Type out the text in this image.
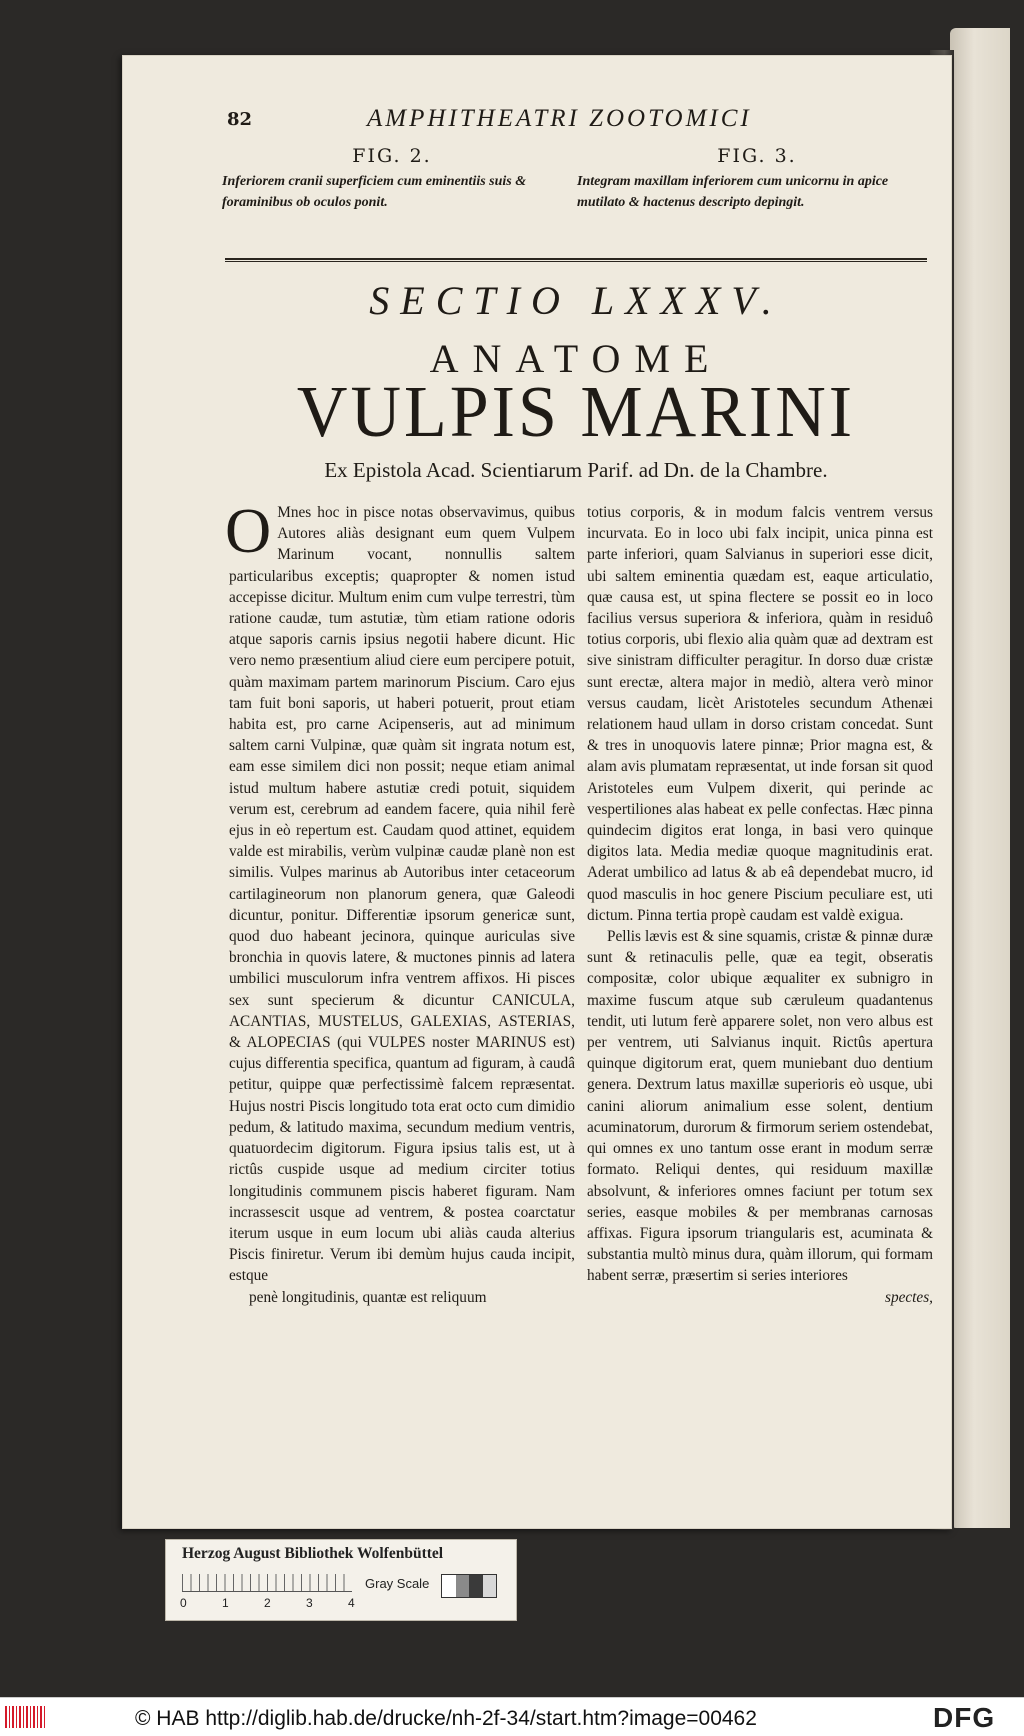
82	AMPHITHEATRI ZOOTOMICI
FIG. 2.
Inferiorem cranii superficiem cum eminentiis suis & foraminibus ob oculos ponit.
FIG. 3.
Integram maxillam inferiorem cum unicornu in apice mutilato & hactenus descripto depingit.
SECTIO LXXXV.
ANATOME
VULPIS MARINI
Ex Epistola Acad. Scientiarum Parif. ad Dn. de la Chambre.

O Mnes hoc in pisce notas observavimus, quibus Autores aliàs designant eum quem Vulpem Marinum vocant, nonnullis saltem particularibus exceptis; quapropter & nomen istud accepisse dicitur. Multum enim cum vulpe terrestri, tùm ratione caudæ, tum astutiæ, tùm etiam ratione odoris atque saporis carnis ipsius negotii habere dicunt. Hic vero nemo præsentium aliud ciere eum percipere potuit, quàm maximam partem marinorum Piscium. Caro ejus tam fuit boni saporis, ut haberi potuerit, prout etiam habita est, pro carne Acipenseris, aut ad minimum saltem carni Vulpinæ, quæ quàm sit ingrata notum est, eam esse similem dici non possit; neque etiam animal istud multum habere astutiæ credi potuit, siquidem verum est, cerebrum ad eandem facere, quia nihil ferè ejus in eò repertum est. Caudam quod attinet, equidem valde est mirabilis, verùm vulpinæ caudæ planè non est similis. Vulpes marinus ab Autoribus inter cetaceorum cartilagineorum non planorum genera, quæ Galeodi dicuntur, ponitur. Differentiæ ipsorum genericæ sunt, quod duo habeant jecinora, quinque auriculas sive bronchia in quovis latere, & muctones pinnis ad latera umbilici musculorum infra ventrem affixos. Hi pisces sex sunt specierum & dicuntur CANICULA, ACANTIAS, MUSTELUS, GALEXIAS, ASTERIAS, & ALOPECIAS (qui VULPES noster MARINUS est) cujus differentia specifica, quantum ad figuram, à caudâ petitur, quippe quæ perfectissimè falcem repræsentat. Hujus nostri Piscis longitudo tota erat octo cum dimidio pedum, & latitudo maxima, secundum medium ventris, quatuordecim digitorum. Figura ipsius talis est, ut à rictûs cuspide usque ad medium circiter totius longitudinis communem piscis haberet figuram. Nam incrassescit usque ad ventrem, & postea coarctatur iterum usque in eum locum ubi aliàs cauda alterius Piscis finiretur. Verum ibi demùm hujus cauda incipit, estque

penè longitudinis, quantæ est reliquum

totius corporis, & in modum falcis ventrem versus incurvata. Eo in loco ubi falx incipit, unica pinna est parte inferiori, quam Salvianus in superiori esse dicit, ubi saltem eminentia quædam est, eaque articulatio, quæ causa est, ut spina flectere se possit eo in loco facilius versus superiora & inferiora, quàm in residuô totius corporis, ubi flexio alia quàm quæ ad dextram est sive sinistram difficulter peragitur. In dorso duæ cristæ sunt erectæ, altera major in mediò, altera verò minor versus caudam, licèt Aristoteles secundum Athenæi relationem haud ullam in dorso cristam concedat. Sunt & tres in unoquovis latere pinnæ; Prior magna est, & alam avis plumatam repræsentat, ut inde forsan sit quod Aristoteles eum Vulpem dixerit, qui perinde ac vespertiliones alas habeat ex pelle confectas. Hæc pinna quindecim digitos erat longa, in basi vero quinque digitos lata. Media mediæ quoque magnitudinis erat. Aderat umbilico ad latus & ab eâ dependebat mucro, id quod masculis in hoc genere Piscium peculiare est, uti dictum. Pinna tertia propè caudam est valdè exigua.

Pellis lævis est & sine squamis, cristæ & pinnæ duræ sunt & retinaculis pelle, quæ ea tegit, obseratis compositæ, color ubique æqualiter ex subnigro in maxime fuscum atque sub cæruleum quadantenus tendit, uti lutum ferè apparere solet, non vero albus est per ventrem, uti Salvianus inquit. Rictûs apertura quinque digitorum erat, quem muniebant duo dentium genera. Dextrum latus maxillæ superioris eò usque, ubi canini aliorum animalium esse solent, dentium acuminatorum, durorum & firmorum seriem ostendebat, qui omnes ex uno tantum osse erant in modum serræ formato. Reliqui dentes, qui residuum maxillæ absolvunt, & inferiores omnes faciunt per totum sex series, easque mobiles & per membranas carnosas affixas. Figura ipsorum triangularis est, acuminata & substantia multò minus dura, quàm illorum, qui formam habent serræ, præsertim si series interiores

spectes,

Herzog August Bibliothek Wolfenbüttel
0	1	2	3	4
Gray Scale
© HAB http://diglib.hab.de/drucke/nh-2f-34/start.htm?image=00462	DFG
